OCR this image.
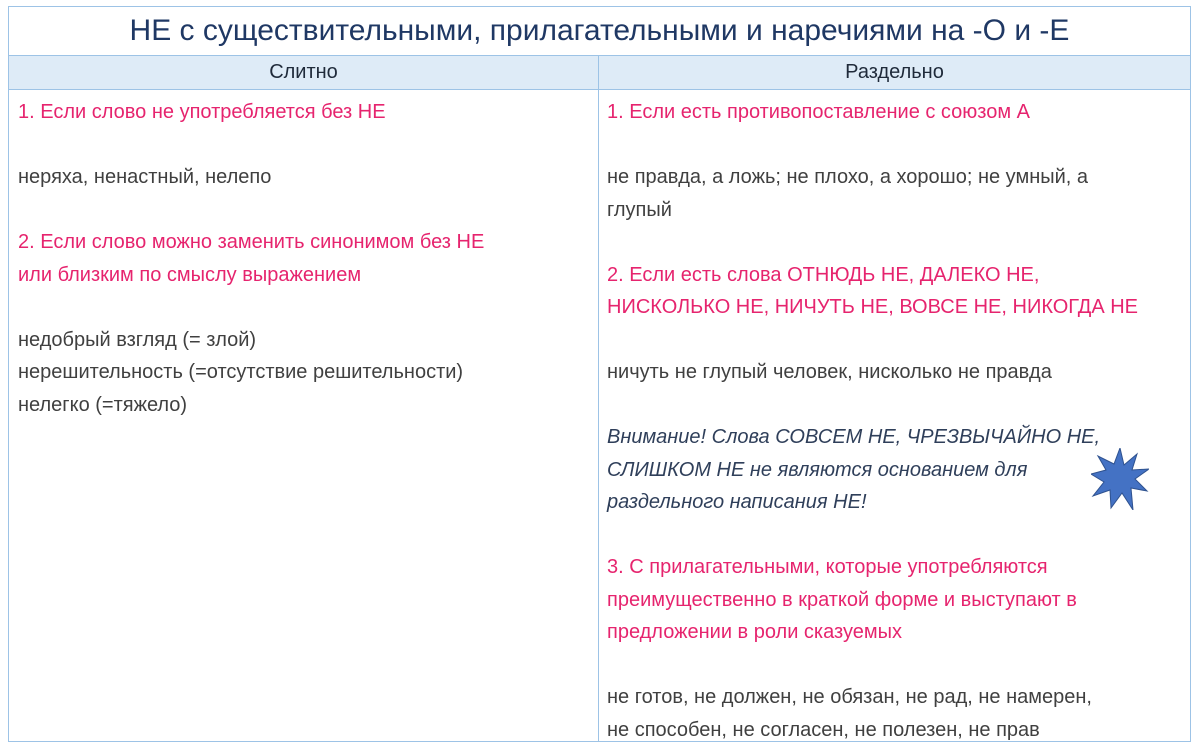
НЕ с существительными, прилагательными и наречиями на -О и -Е
Слитно	Раздельно

1. Если слово не употребляется без НЕ

неряха, ненастный, нелепо

2. Если слово можно заменить синонимом без НЕ

или близким по смыслу выражением

недобрый взгляд (= злой)

нерешительность (=отсутствие решительности)

нелегко (=тяжело)

1. Если есть противопоставление с союзом А

не правда, а ложь; не плохо, а хорошо; не умный, а

глупый

2. Если есть слова ОТНЮДЬ НЕ, ДАЛЕКО НЕ,

НИСКОЛЬКО НЕ, НИЧУТЬ НЕ, ВОВСЕ НЕ, НИКОГДА НЕ

ничуть не глупый человек, нисколько не правда

Внимание! Слова СОВСЕМ НЕ, ЧРЕЗВЫЧАЙНО НЕ,

СЛИШКОМ НЕ не являются основанием для

раздельного написания НЕ!

3. С прилагательными, которые употребляются

преимущественно в краткой форме и выступают в

предложении в роли сказуемых

не готов, не должен, не обязан, не рад, не намерен,

не способен, не согласен, не полезен, не прав
